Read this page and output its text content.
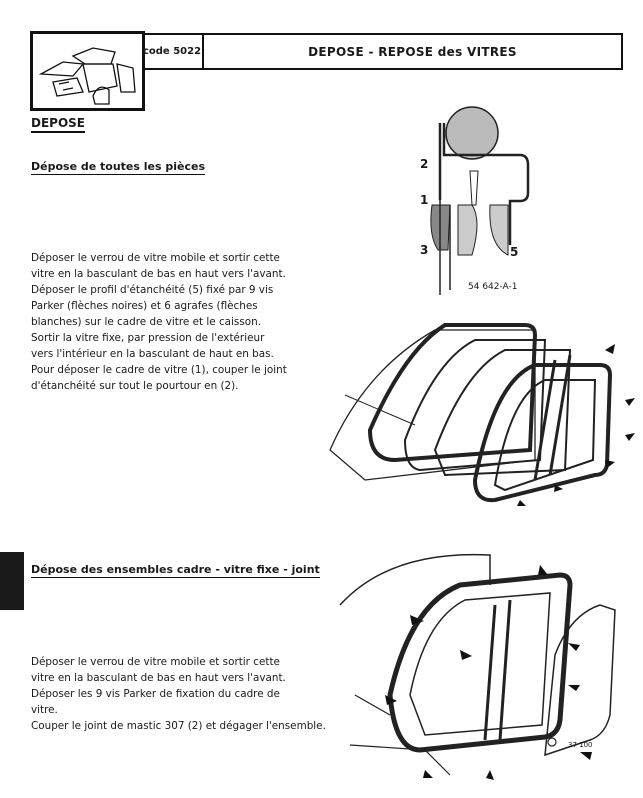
code 5022	DEPOSE - REPOSE des VITRES
DEPOSE
Dépose de toutes les pièces
Déposer le verrou de vitre mobile et sortir cette
vitre en la basculant de bas en haut vers l'avant.
Déposer le profil d'étanchéité (5) fixé par 9 vis
Parker (flèches noires) et 6 agrafes (flèches
blanches) sur le cadre de vitre et le caisson.
Sortir la vitre fixe, par pression de l'extérieur
vers l'intérieur en la basculant de haut en bas.
Pour déposer le cadre de vitre (1), couper le joint
d'étanchéité sur tout le pourtour en (2).
Dépose des ensembles cadre - vitre fixe - joint
Déposer le verrou de vitre mobile et sortir cette
vitre en la basculant de bas en haut vers l'avant.
Déposer les 9 vis Parker de fixation du cadre de
vitre.
Couper le joint de mastic 307 (2) et dégager l'ensemble.
2
1
3	5
54 642-A-1
37 100
